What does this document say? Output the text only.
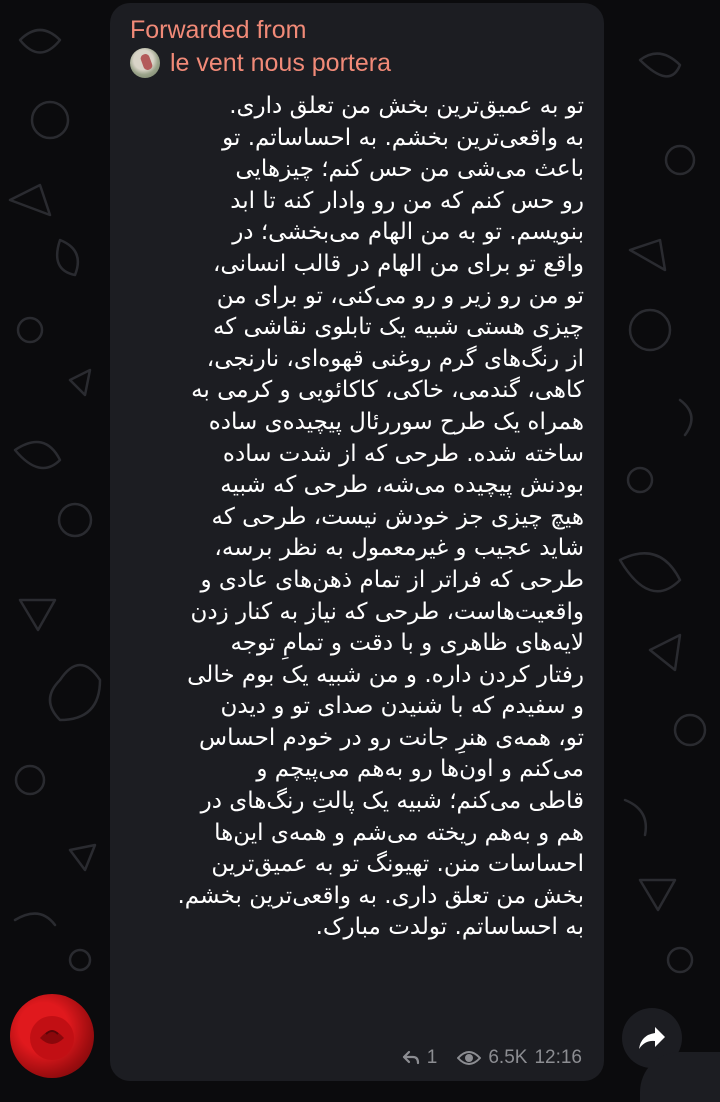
Forwarded from
le vent nous portera
تو به عمیق‌ترین بخش من تعلق داری.
به واقعی‌ترین بخشم. به احساساتم. تو
باعث می‌شی من حس کنم؛ چیزهایی
رو حس کنم که من رو وادار کنه تا ابد
بنویسم. تو به من الهام می‌بخشی؛ در
واقع تو برای من الهام در قالب انسانی،
تو من رو زیر و رو می‌کنی، تو برای من
چیزی هستی شبیه یک تابلوی نقاشی که
از رنگ‌های گرم روغنی قهوه‌ای، نارنجی،
کاهی، گندمی، خاکی، کاکائویی و کرمی به
همراه یک طرح سوررئال پیچیده‌ی ساده
ساخته شده. طرحی که از شدت ساده
بودنش پیچیده می‌شه، طرحی که شبیه
هیچ چیزی جز خودش نیست، طرحی که
شاید عجیب و غیرمعمول به نظر برسه،
طرحی که فراتر از تمام ذهن‌های عادی و
واقعیت‌هاست، طرحی که نیاز به کنار زدن
لایه‌های ظاهری و با دقت و تمامِ توجه
رفتار کردن داره. و من شبیه یک بوم خالی
و سفیدم که با شنیدن صدای تو و دیدن
تو، همه‌ی هنرِ جانت رو در خودم احساس
می‌کنم و اون‌ها رو به‌هم می‌پیچم و
قاطی می‌کنم؛ شبیه یک پالتِ رنگ‌های در
هم و به‌هم ریخته می‌شم و همه‌ی این‌ها
احساسات منن. تهیونگ تو به عمیق‌ترین
بخش من تعلق داری. به واقعی‌ترین بخشم.
به احساساتم. تولدت مبارک.
1	6.5K 12:16
